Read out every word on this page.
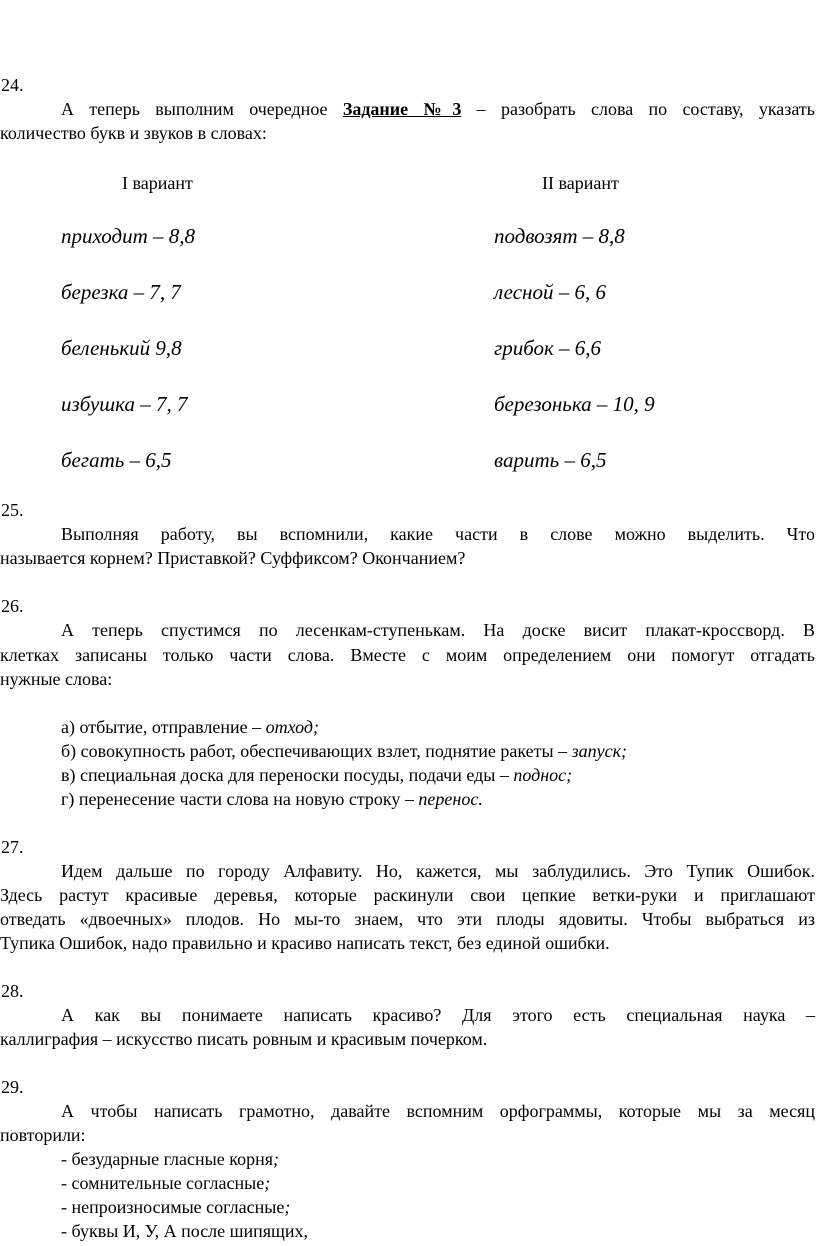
24.
А теперь выполним очередное Задание №3 – разобрать слова по составу, указать
количество букв и звуков в словах:
I вариант	II вариант
приходит – 8,8
березка – 7, 7
беленький 9,8
избушка – 7, 7
бегать – 6,5
подвозят – 8,8
лесной – 6, 6
грибок – 6,6
березонька – 10, 9
варить – 6,5
25.
Выполняя работу, вы вспомнили, какие части в слове можно выделить. Что
называется корнем? Приставкой? Суффиксом? Окончанием?
26.
А теперь спустимся по лесенкам-ступенькам. На доске висит плакат-кроссворд. В
клетках записаны только части слова. Вместе с моим определением они помогут отгадать
нужные слова:
а) отбытие, отправление – отход;
б) совокупность работ, обеспечивающих взлет, поднятие ракеты – запуск;
в) специальная доска для переноски посуды, подачи еды – поднос;
г) перенесение части слова на новую строку – перенос.
27.
Идем дальше по городу Алфавиту. Но, кажется, мы заблудились. Это Тупик Ошибок.
Здесь растут красивые деревья, которые раскинули свои цепкие ветки-руки и приглашают
отведать «двоечных» плодов. Но мы-то знаем, что эти плоды ядовиты. Чтобы выбраться из
Тупика Ошибок, надо правильно и красиво написать текст, без единой ошибки.
28.
А как вы понимаете написать красиво? Для этого есть специальная наука –
каллиграфия – искусство писать ровным и красивым почерком.
29.
А чтобы написать грамотно, давайте вспомним орфограммы, которые мы за месяц
повторили:
- безударные гласные корня;
- сомнительные согласные;
- непроизносимые согласные;
- буквы И, У, А после шипящих,
